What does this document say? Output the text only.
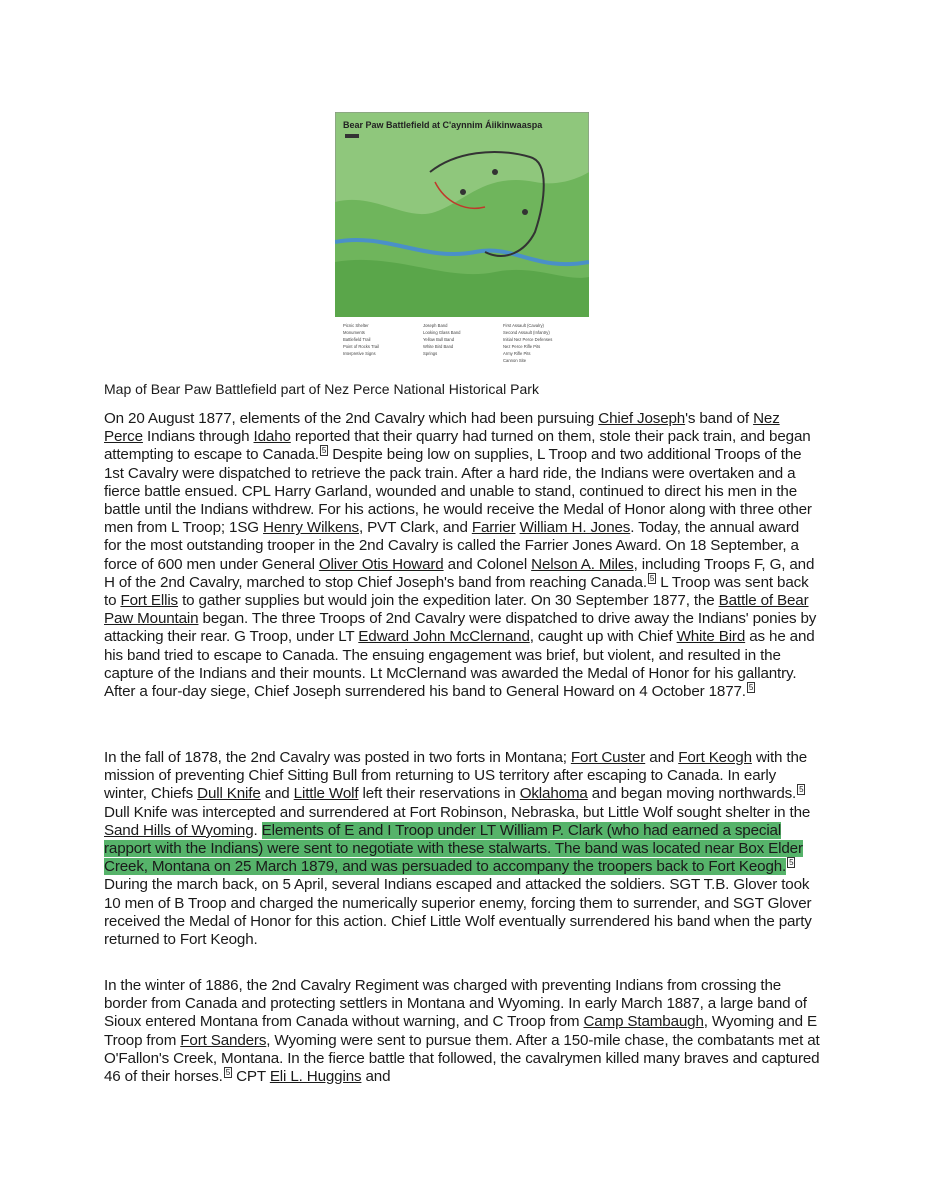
Bear Paw Battlefield at C'aynnim Áiikinwaaspa
Picnic Shelter
Monuments
Battlefield Trail
Point of Rocks Trail
Interpretive Signs
Joseph Band
Looking Glass Band
Yellow Bull Band
White Bird Band
Springs
First Assault (Cavalry)
Second Assault (Infantry)
Initial Nez Perce Defenses
Nez Perce Rifle Pits
Army Rifle Pits
Cannon Site
Map of Bear Paw Battlefield part of Nez Perce National Historical Park
On 20 August 1877, elements of the 2nd Cavalry which had been pursuing Chief Joseph's band of Nez Perce Indians through Idaho reported that their quarry had turned on them, stole their pack train, and began attempting to escape to Canada. $^5$ Despite being low on supplies, L Troop and two additional Troops of the 1st Cavalry were dispatched to retrieve the pack train. After a hard ride, the Indians were overtaken and a fierce battle ensued. CPL Harry Garland, wounded and unable to stand, continued to direct his men in the battle until the Indians withdrew. For his actions, he would receive the Medal of Honor along with three other men from L Troop; 1SG Henry Wilkens, PVT Clark, and Farrier William H. Jones. Today, the annual award for the most outstanding trooper in the 2nd Cavalry is called the Farrier Jones Award. On 18 September, a force of 600 men under General Oliver Otis Howard and Colonel Nelson A. Miles, including Troops F, G, and H of the 2nd Cavalry, marched to stop Chief Joseph's band from reaching Canada. $^5$ L Troop was sent back to Fort Ellis to gather supplies but would join the expedition later. On 30 September 1877, the Battle of Bear Paw Mountain began. The three Troops of 2nd Cavalry were dispatched to drive away the Indians' ponies by attacking their rear. G Troop, under LT Edward John McClernand, caught up with Chief White Bird as he and his band tried to escape to Canada. The ensuing engagement was brief, but violent, and resulted in the capture of the Indians and their mounts. Lt McClernand was awarded the Medal of Honor for his gallantry. After a four-day siege, Chief Joseph surrendered his band to General Howard on 4 October 1877. $^5$
In the fall of 1878, the 2nd Cavalry was posted in two forts in Montana; Fort Custer and Fort Keogh with the mission of preventing Chief Sitting Bull from returning to US territory after escaping to Canada. In early winter, Chiefs Dull Knife and Little Wolf left their reservations in Oklahoma and began moving northwards. $^5$ Dull Knife was intercepted and surrendered at Fort Robinson, Nebraska, but Little Wolf sought shelter in the Sand Hills of Wyoming. Elements of E and I Troop under LT William P. Clark (who had earned a special rapport with the Indians) were sent to negotiate with these stalwarts. The band was located near Box Elder Creek, Montana on 25 March 1879, and was persuaded to accompany the troopers back to Fort Keogh. $^5$ During the march back, on 5 April, several Indians escaped and attacked the soldiers. SGT T.B. Glover took 10 men of B Troop and charged the numerically superior enemy, forcing them to surrender, and SGT Glover received the Medal of Honor for this action. Chief Little Wolf eventually surrendered his band when the party returned to Fort Keogh.
In the winter of 1886, the 2nd Cavalry Regiment was charged with preventing Indians from crossing the border from Canada and protecting settlers in Montana and Wyoming. In early March 1887, a large band of Sioux entered Montana from Canada without warning, and C Troop from Camp Stambaugh, Wyoming and E Troop from Fort Sanders, Wyoming were sent to pursue them. After a 150-mile chase, the combatants met at O'Fallon's Creek, Montana. In the fierce battle that followed, the cavalrymen killed many braves and captured 46 of their horses. $^5$ CPT Eli L. Huggins and
